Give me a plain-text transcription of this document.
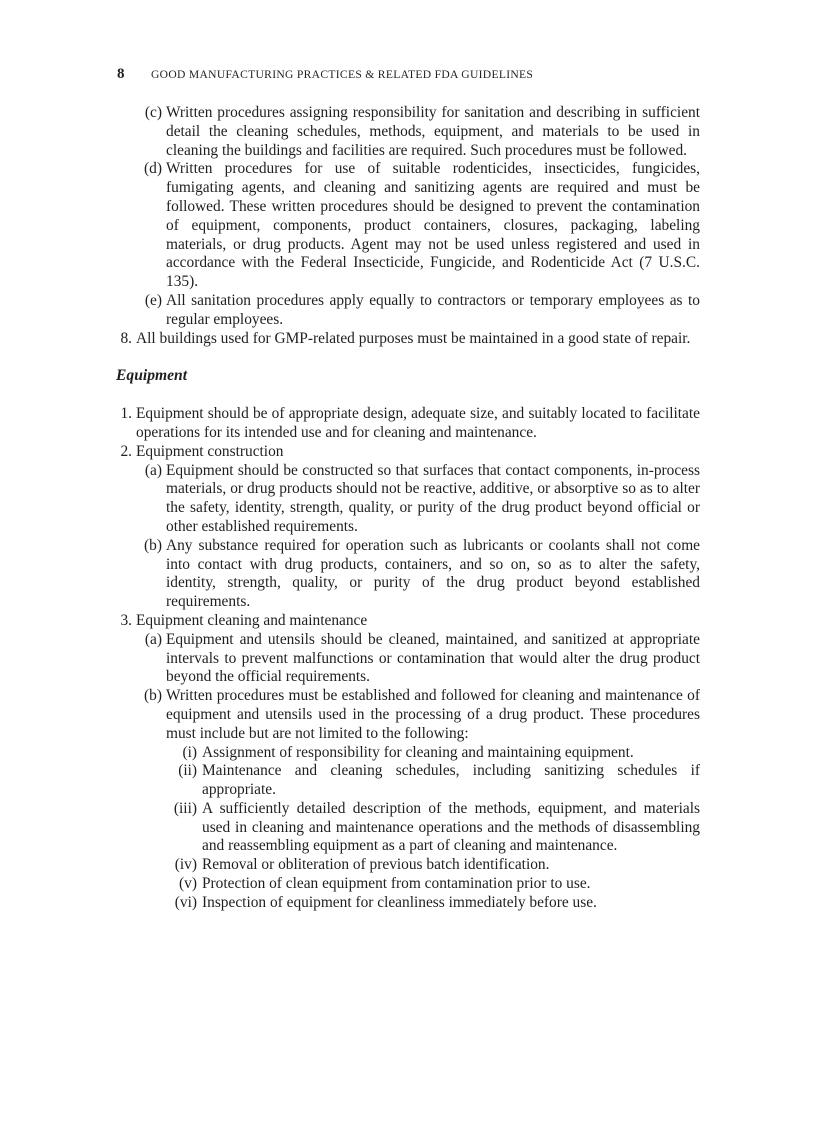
8 GOOD MANUFACTURING PRACTICES & RELATED FDA GUIDELINES
(c) Written procedures assigning responsibility for sanitation and describing in sufficient detail the cleaning schedules, methods, equipment, and materials to be used in cleaning the buildings and facilities are required. Such procedures must be followed.
(d) Written procedures for use of suitable rodenticides, insecticides, fungicides, fumigating agents, and cleaning and sanitizing agents are required and must be followed. These written procedures should be designed to prevent the contamination of equipment, components, product containers, closures, packaging, labeling materials, or drug products. Agent may not be used unless registered and used in accordance with the Federal Insecticide, Fungicide, and Rodenticide Act (7 U.S.C. 135).
(e) All sanitation procedures apply equally to contractors or temporary employees as to regular employees.
8. All buildings used for GMP-related purposes must be maintained in a good state of repair.
Equipment
1. Equipment should be of appropriate design, adequate size, and suitably located to facilitate operations for its intended use and for cleaning and maintenance.
2. Equipment construction
(a) Equipment should be constructed so that surfaces that contact components, in-process materials, or drug products should not be reactive, additive, or absorptive so as to alter the safety, identity, strength, quality, or purity of the drug product beyond official or other established requirements.
(b) Any substance required for operation such as lubricants or coolants shall not come into contact with drug products, containers, and so on, so as to alter the safety, identity, strength, quality, or purity of the drug product beyond established requirements.
3. Equipment cleaning and maintenance
(a) Equipment and utensils should be cleaned, maintained, and sanitized at appropriate intervals to prevent malfunctions or contamination that would alter the drug product beyond the official requirements.
(b) Written procedures must be established and followed for cleaning and maintenance of equipment and utensils used in the processing of a drug product. These procedures must include but are not limited to the following:
(i) Assignment of responsibility for cleaning and maintaining equipment.
(ii) Maintenance and cleaning schedules, including sanitizing schedules if appropriate.
(iii) A sufficiently detailed description of the methods, equipment, and materials used in cleaning and maintenance operations and the methods of disassembling and reassembling equipment as a part of cleaning and maintenance.
(iv) Removal or obliteration of previous batch identification.
(v) Protection of clean equipment from contamination prior to use.
(vi) Inspection of equipment for cleanliness immediately before use.
